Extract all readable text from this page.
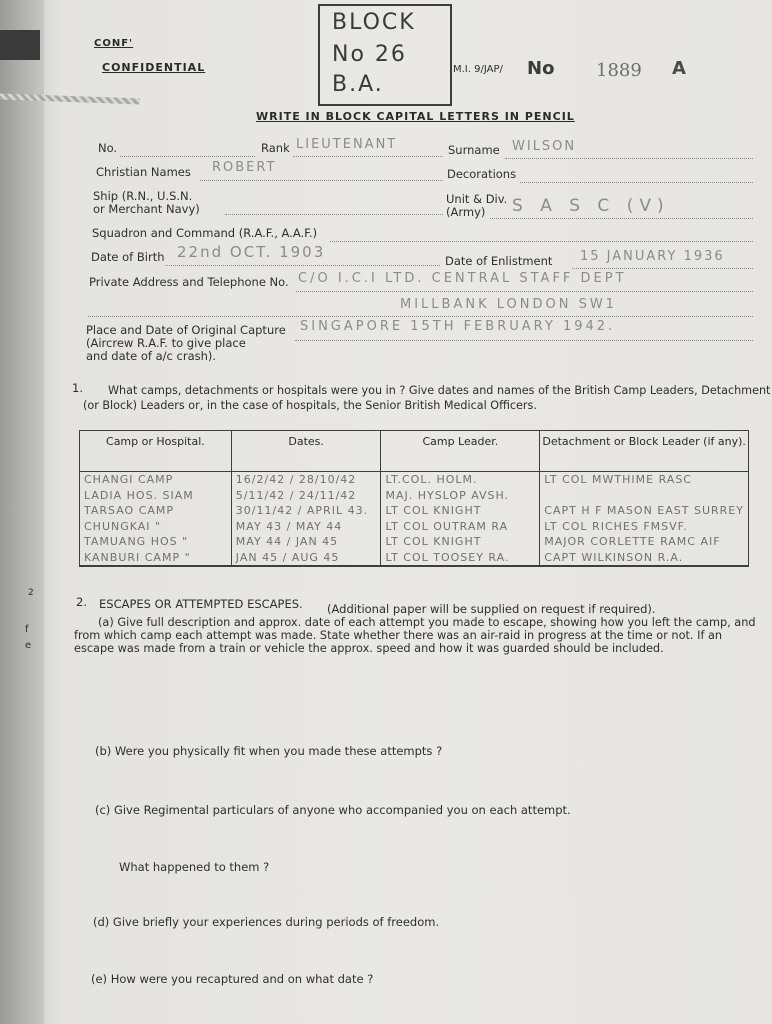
CONF'
CONFIDENTIAL
BLOCK
No 26
B.A.
M.I. 9/JAP/ No 1889 A
WRITE IN BLOCK CAPITAL LETTERS IN PENCIL
No.	Rank LIEUTENANT	Surname WILSON
Christian Names ROBERT	Decorations
Ship (R.N., U.S.N.
or Merchant Navy)
Unit & Div.
(Army) S A S C (V)
Squadron and Command (R.A.F., A.A.F.)
Date of Birth 22nd OCT. 1903	Date of Enlistment 15 JANUARY 1936
Private Address and Telephone No. C/O I.C.I LTD. CENTRAL STAFF DEPT
MILLBANK LONDON SW1
Place and Date of Original Capture
(Aircrew R.A.F. to give place
and date of a/c crash).
SINGAPORE 15TH FEBRUARY 1942.
1. What camps, detachments or hospitals were you in ? Give dates and names of the British Camp Leaders, Detachment
(or Block) Leaders or, in the case of hospitals, the Senior British Medical Officers.
Camp or Hospital.	Dates.	Camp Leader.	Detachment or Block Leader (if any).
CHANGI CAMP	16/2/42 / 28/10/42	LT.COL. HOLM.	LT COL MWTHIME RASC
LADIA HOS. SIAM	5/11/42 / 24/11/42	MAJ. HYSLOP AVSH.	
TARSAO CAMP	30/11/42 / APRIL 43.	LT COL KNIGHT	CAPT H F MASON EAST SURREY
CHUNGKAI "	MAY 43 / MAY 44	LT COL OUTRAM RA	LT COL RICHES FMSVF.
TAMUANG HOS "	MAY 44 / JAN 45	LT COL KNIGHT	MAJOR CORLETTE RAMC AIF
KANBURI CAMP "	JAN 45 / AUG 45	LT COL TOOSEY RA.	CAPT WILKINSON R.A.
2
f
e
2. ESCAPES OR ATTEMPTED ESCAPES. (Additional paper will be supplied on request if required).
(a) Give full description and approx. date of each attempt you made to escape, showing how you left the camp, and
from which camp each attempt was made. State whether there was an air-raid in progress at the time or not. If an
escape was made from a train or vehicle the approx. speed and how it was guarded should be included.
(b) Were you physically fit when you made these attempts ?
(c) Give Regimental particulars of anyone who accompanied you on each attempt.
What happened to them ?
(d) Give briefly your experiences during periods of freedom.
(e) How were you recaptured and on what date ?
